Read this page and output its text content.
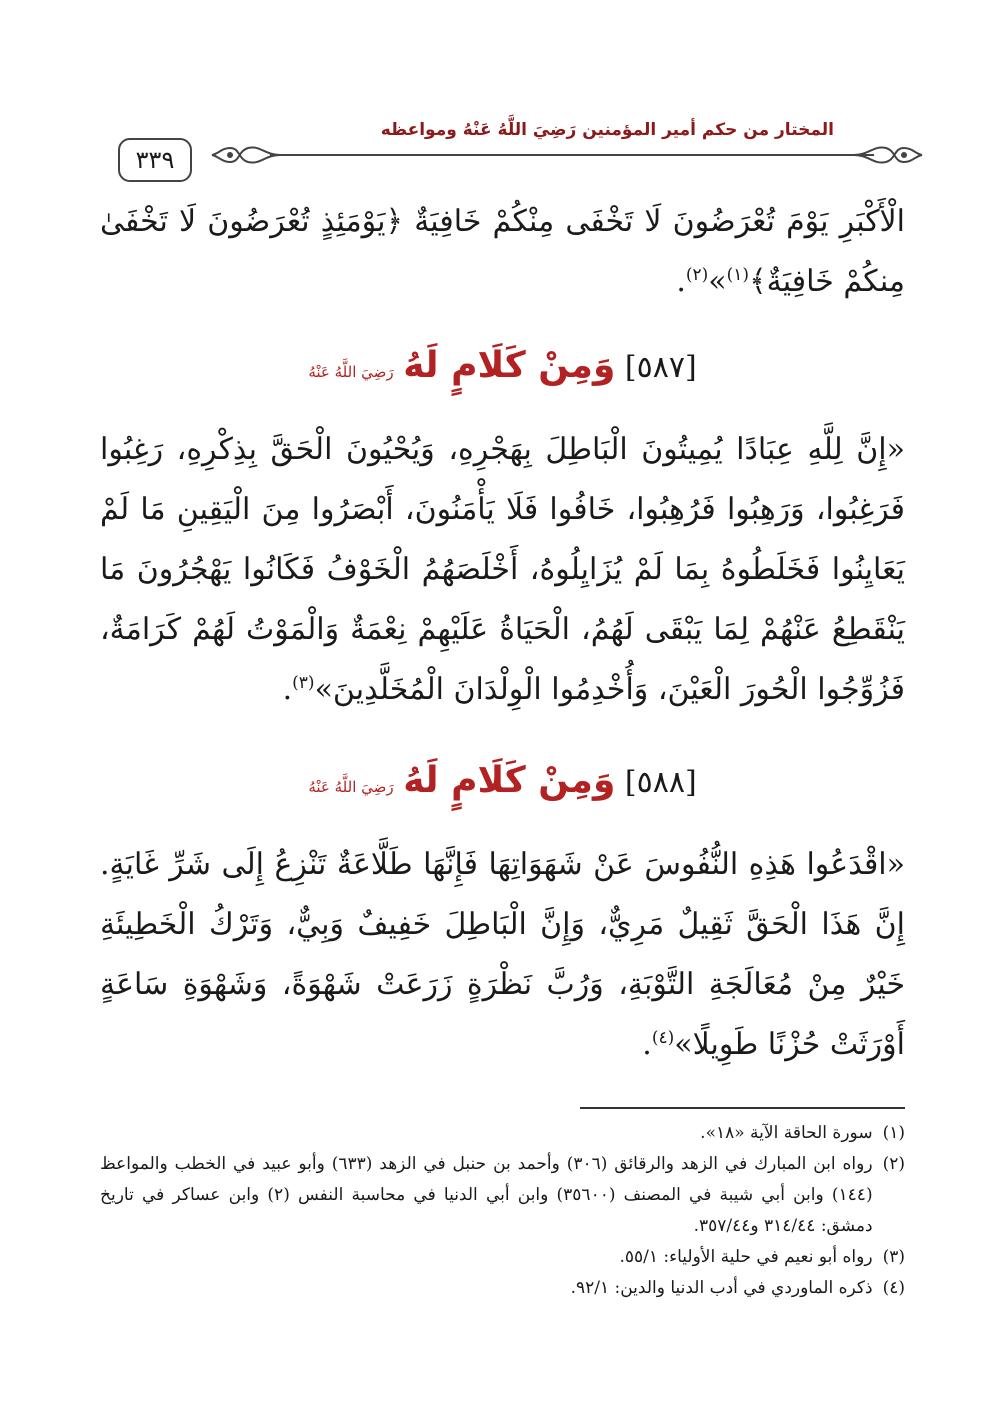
٣٣٩
المختار من حكم أمير المؤمنين رَضِيَ اللَّهُ عَنْهُ ومواعظه
الْأَكْبَرِ يَوْمَ تُعْرَضُونَ لَا تَخْفَى مِنْكُمْ خَافِيَةٌ ﴿يَوْمَئِذٍ تُعْرَضُونَ لَا تَخْفَىٰ مِنكُمْ خَافِيَةٌ﴾$^{(١)}$»$^{(٢)}$.
[٥٨٧] وَمِنْ كَلَامٍ لَهُ رَضِيَ اللَّهُ عَنْهُ
«إِنَّ لِلَّهِ عِبَادًا يُمِيتُونَ الْبَاطِلَ بِهَجْرِهِ، وَيُحْيُونَ الْحَقَّ بِذِكْرِهِ، رَغِبُوا فَرَغِبُوا، وَرَهِبُوا فَرُهِبُوا، خَافُوا فَلَا يَأْمَنُونَ، أَبْصَرُوا مِنَ الْيَقِينِ مَا لَمْ يَعَايِنُوا فَخَلَطُوهُ بِمَا لَمْ يُزَايِلُوهُ، أَخْلَصَهُمُ الْخَوْفُ فَكَانُوا يَهْجُرُونَ مَا يَنْقَطِعُ عَنْهُمْ لِمَا يَبْقَى لَهُمُ، الْحَيَاةُ عَلَيْهِمْ نِعْمَةٌ وَالْمَوْتُ لَهُمْ كَرَامَةٌ، فَزُوِّجُوا الْحُورَ الْعَيْنَ، وَأُخْدِمُوا الْوِلْدَانَ الْمُخَلَّدِينَ»$^{(٣)}$.
[٥٨٨] وَمِنْ كَلَامٍ لَهُ رَضِيَ اللَّهُ عَنْهُ
«اقْدَعُوا هَذِهِ النُّفُوسَ عَنْ شَهَوَاتِهَا فَإِنَّهَا طَلَّاعَةٌ تَنْزِعُ إِلَى شَرِّ غَايَةٍ. إِنَّ هَذَا الْحَقَّ ثَقِيلٌ مَرِيٌّ، وَإِنَّ الْبَاطِلَ خَفِيفٌ وَبِيٌّ، وَتَرْكُ الْخَطِيئَةِ خَيْرٌ مِنْ مُعَالَجَةِ التَّوْبَةِ، وَرُبَّ نَظْرَةٍ زَرَعَتْ شَهْوَةً، وَشَهْوَةِ سَاعَةٍ أَوْرَثَتْ حُزْنًا طَوِيلًا»$^{(٤)}$.
(١)
سورة الحاقة الآية «١٨».
(٢)
رواه ابن المبارك في الزهد والرقائق (٣٠٦) وأحمد بن حنبل في الزهد (٦٣٣) وأبو عبيد في الخطب والمواعظ (١٤٤) وابن أبي شيبة في المصنف (٣٥٦٠٠) وابن أبي الدنيا في محاسبة النفس (٢) وابن عساكر في تاريخ دمشق: ٣١٤/٤٤ و٣٥٧/٤٤.
(٣)
رواه أبو نعيم في حلية الأولياء: ٥٥/١.
(٤)
ذكره الماوردي في أدب الدنيا والدين: ٩٢/١.
